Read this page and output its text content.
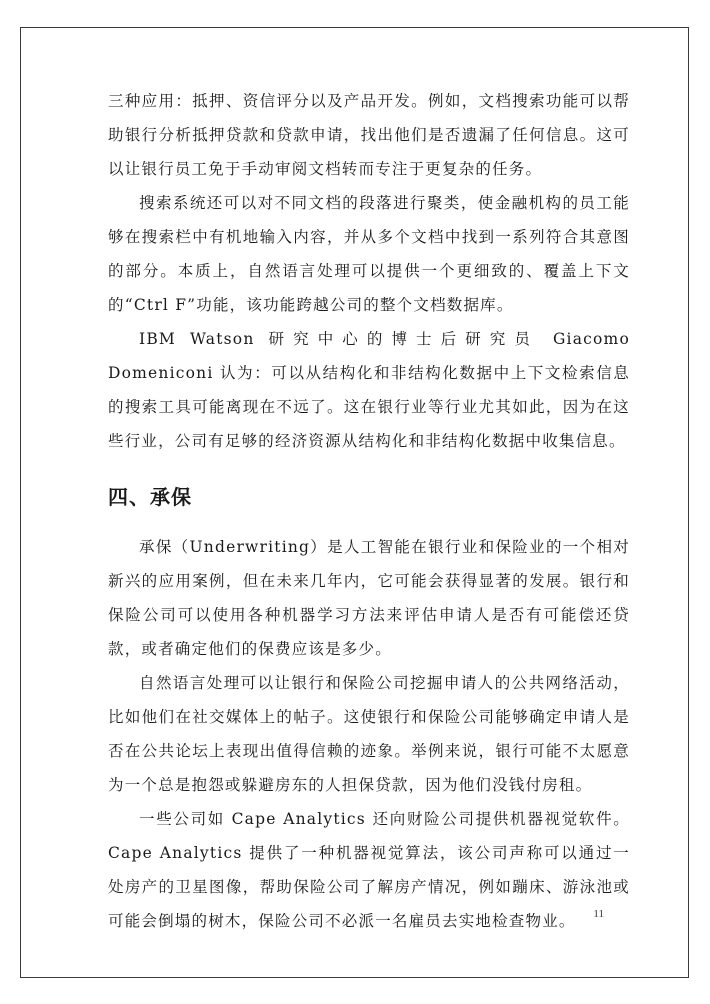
三种应用：抵押、资信评分以及产品开发。例如，文档搜索功能可以帮助银行分析抵押贷款和贷款申请，找出他们是否遗漏了任何信息。这可以让银行员工免于手动审阅文档转而专注于更复杂的任务。

搜索系统还可以对不同文档的段落进行聚类，使金融机构的员工能够在搜索栏中有机地输入内容，并从多个文档中找到一系列符合其意图的部分。本质上，自然语言处理可以提供一个更细致的、覆盖上下文的“Ctrl F”功能，该功能跨越公司的整个文档数据库。

IBM Watson 研究中心的博士后研究员 Giacomo Domeniconi 认为：可以从结构化和非结构化数据中上下文检索信息的搜索工具可能离现在不远了。这在银行业等行业尤其如此，因为在这些行业，公司有足够的经济资源从结构化和非结构化数据中收集信息。

四、承保

承保（Underwriting）是人工智能在银行业和保险业的一个相对新兴的应用案例，但在未来几年内，它可能会获得显著的发展。银行和保险公司可以使用各种机器学习方法来评估申请人是否有可能偿还贷款，或者确定他们的保费应该是多少。

自然语言处理可以让银行和保险公司挖掘申请人的公共网络活动，比如他们在社交媒体上的帖子。这使银行和保险公司能够确定申请人是否在公共论坛上表现出值得信赖的迹象。举例来说，银行可能不太愿意为一个总是抱怨或躲避房东的人担保贷款，因为他们没钱付房租。

一些公司如 Cape Analytics 还向财险公司提供机器视觉软件。Cape Analytics 提供了一种机器视觉算法，该公司声称可以通过一处房产的卫星图像，帮助保险公司了解房产情况，例如蹦床、游泳池或可能会倒塌的树木，保险公司不必派一名雇员去实地检查物业。	11
